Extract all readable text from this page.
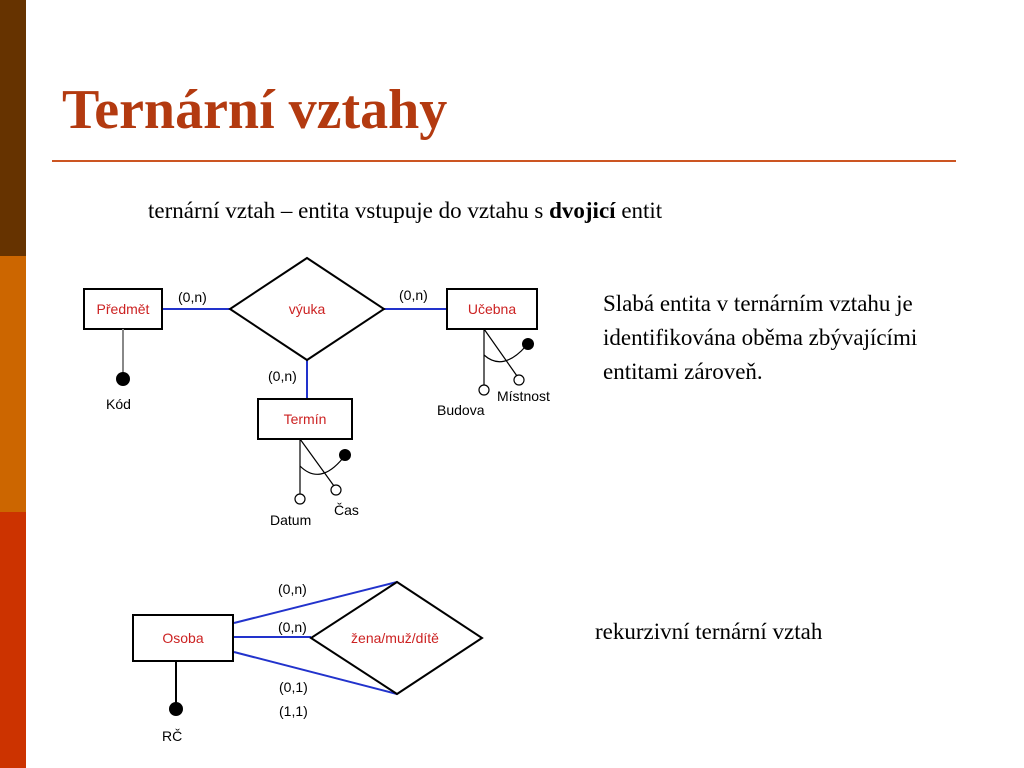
Ternární vztahy
ternární vztah – entita vstupuje do vztahu s dvojicí entit
Slabá entita v ternárním vztahu je identifikována oběma zbývajícími entitami zároveň.
rekurzivní ternární vztah
výuka
Předmět	Učebna
Termín
(0,n)	(0,n)
(0,n)
Kód	Budova
Místnost
Datum
Čas
žena/muž/dítě
Osoba
(0,n)
(0,n)
(0,1)
(1,1)
RČ
